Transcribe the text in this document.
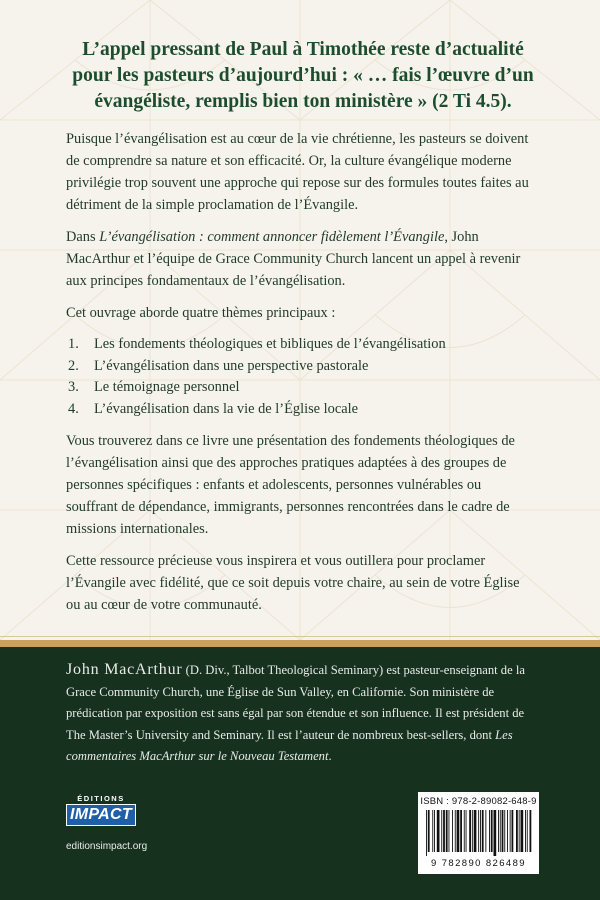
L’appel pressant de Paul à Timothée reste d’actualité pour les pasteurs d’aujourd’hui : « … fais l’œuvre d’un évangéliste, remplis bien ton ministère » (2 Ti 4.5).

Puisque l’évangélisation est au cœur de la vie chrétienne, les pasteurs se doivent de comprendre sa nature et son efficacité. Or, la culture évangélique moderne privilégie trop souvent une approche qui repose sur des formules toutes faites au détriment de la simple proclamation de l’Évangile.

Dans L’évangélisation : comment annoncer fidèlement l’Évangile, John MacArthur et l’équipe de Grace Community Church lancent un appel à revenir aux principes fondamentaux de l’évangélisation.

Cet ouvrage aborde quatre thèmes principaux :

1.	Les fondements théologiques et bibliques de l’évangélisation
2.	L’évangélisation dans une perspective pastorale
3.	Le témoignage personnel
4.	L’évangélisation dans la vie de l’Église locale

Vous trouverez dans ce livre une présentation des fondements théologiques de l’évangélisation ainsi que des approches pratiques adaptées à des groupes de personnes spécifiques : enfants et adolescents, personnes vulnérables ou souffrant de dépendance, immigrants, personnes rencontrées dans le cadre de missions internationales.

Cette ressource précieuse vous inspirera et vous outillera pour proclamer l’Évangile avec fidélité, que ce soit depuis votre chaire, au sein de votre Église ou au cœur de votre communauté.

John MacArthur (D. Div., Talbot Theological Seminary) est pasteur-enseignant de la Grace Community Church, une Église de Sun Valley, en Californie. Son ministère de prédication par exposition est sans égal par son étendue et son influence. Il est président de The Master’s University and Seminary. Il est l’auteur de nombreux best-sellers, dont Les commentaires MacArthur sur le Nouveau Testament.
ÉDITIONS
IMPACT
editionsimpact.org
ISBN : 978-2-89082-648-9
9 782890 826489
